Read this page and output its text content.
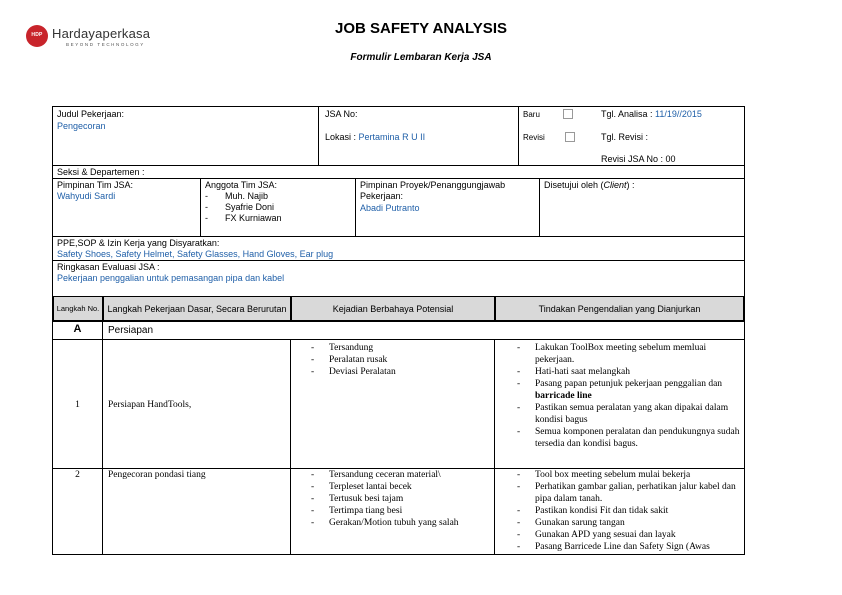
HDP Hardayaperkasa
BEYOND TECHNOLOGY
JOB SAFETY ANALYSIS
Formulir Lembaran Kerja JSA
Judul Pekerjaan:
Pengecoran
JSA No:
Lokasi : Pertamina R U II
Baru
Revisi
Tgl. Analisa : 11/19//2015
Tgl. Revisi :
Revisi JSA No : 00
Seksi & Departemen :
Pimpinan Tim JSA:
Wahyudi Sardi
Anggota Tim JSA:
- Muh. Najib
- Syafrie Doni
- FX Kurniawan
Pimpinan Proyek/Penanggungjawab
Pekerjaan:
Abadi Putranto
Disetujui oleh (Client) :
PPE,SOP & Izin Kerja yang Disyaratkan:
Safety Shoes, Safety Helmet, Safety Glasses, Hand Gloves, Ear plug
Ringkasan Evaluasi JSA :
Pekerjaan penggalian untuk pemasangan pipa dan kabel
Langkah No. Langkah Pekerjaan Dasar, Secara Berurutan	Kejadian Berbahaya Potensial	Tindakan Pengendalian yang Dianjurkan
A	Persiapan
1	Persiapan HandTools,
- Tersandung
- Peralatan rusak
- Deviasi Peralatan
- Lakukan ToolBox meeting sebelum memluai pekerjaan.
- Hati-hati saat melangkah
- Pasang papan petunjuk pekerjaan penggalian dan barricade line
- Pastikan semua peralatan yang akan dipakai dalam kondisi bagus
- Semua komponen peralatan dan pendukungnya sudah tersedia dan kondisi bagus.
2	Pengecoran pondasi tiang
-	Tersandung ceceran material\
- Terpleset lantai becek
- Tertusuk besi tajam
- Tertimpa tiang besi
- Gerakan/Motion tubuh yang salah
- Tool box meeting sebelum mulai bekerja
- Perhatikan gambar galian, perhatikan jalur kabel dan pipa dalam tanah.
- Pastikan kondisi Fit dan tidak sakit
- Gunakan sarung tangan
- Gunakan APD yang sesuai dan layak
- Pasang Barricede Line dan Safety Sign (Awas
